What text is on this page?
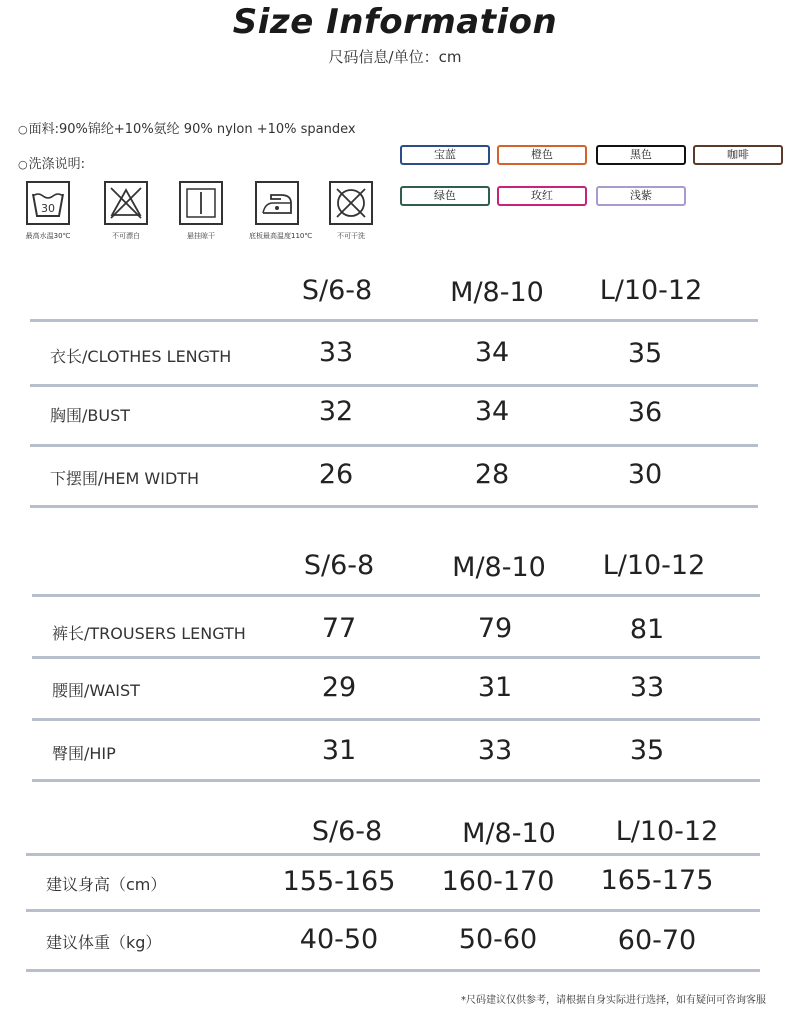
Size Information
尺码信息/单位：cm
○面料:90%锦纶+10%氨纶 90% nylon +10% spandex
○洗涤说明:
30
最高水温30℃	不可漂白	悬挂晾干	底板最高温度110℃	不可干洗
宝蓝	橙色	黑色	咖啡
绿色	玫红	浅紫
S/6-8	M/8-10	L/10-12
衣长/CLOTHES LENGTH	33	34	35
胸围/BUST	32	34	36
下摆围/HEM WIDTH	26	28	30
S/6-8	M/8-10	L/10-12
裤长/TROUSERS LENGTH	77	79	81
腰围/WAIST	29	31	33
臀围/HIP	31	33	35
S/6-8	M/8-10	L/10-12
建议身高（cm）	155-165	160-170	165-175
建议体重（kg）	40-50	50-60	60-70
*尺码建议仅供参考，请根据自身实际进行选择，如有疑问可咨询客服
